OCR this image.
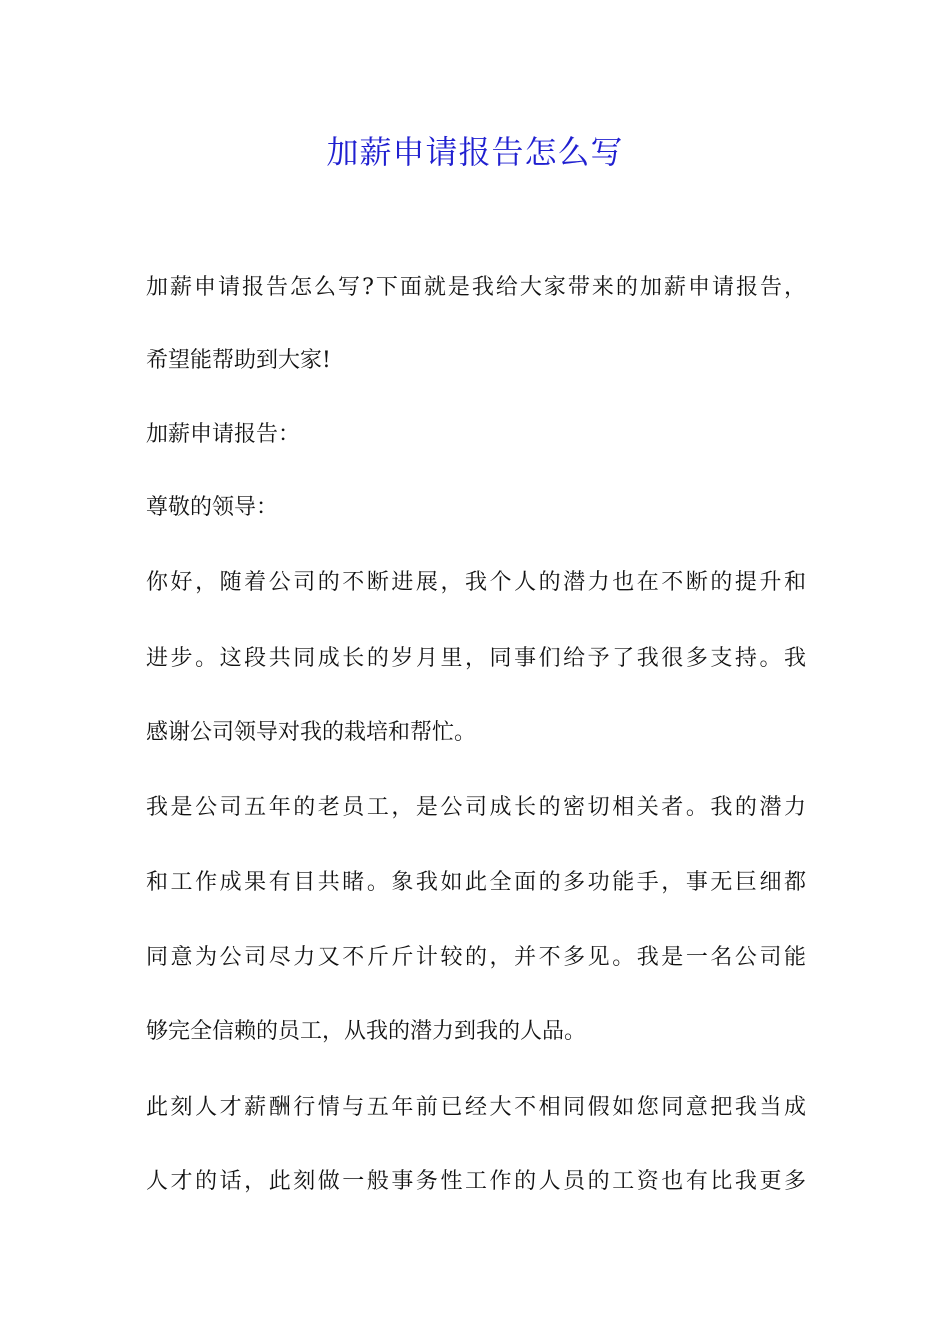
加薪申请报告怎么写
加薪申请报告怎么写?下面就是我给大家带来的加薪申请报告，
希望能帮助到大家!
加薪申请报告：
尊敬的领导：
你好，随着公司的不断进展，我个人的潜力也在不断的提升和
进步。这段共同成长的岁月里，同事们给予了我很多支持。我
感谢公司领导对我的栽培和帮忙。
我是公司五年的老员工，是公司成长的密切相关者。我的潜力
和工作成果有目共睹。象我如此全面的多功能手，事无巨细都
同意为公司尽力又不斤斤计较的，并不多见。我是一名公司能
够完全信赖的员工，从我的潜力到我的人品。
此刻人才薪酬行情与五年前已经大不相同假如您同意把我当成
人才的话，此刻做一般事务性工作的人员的工资也有比我更多
